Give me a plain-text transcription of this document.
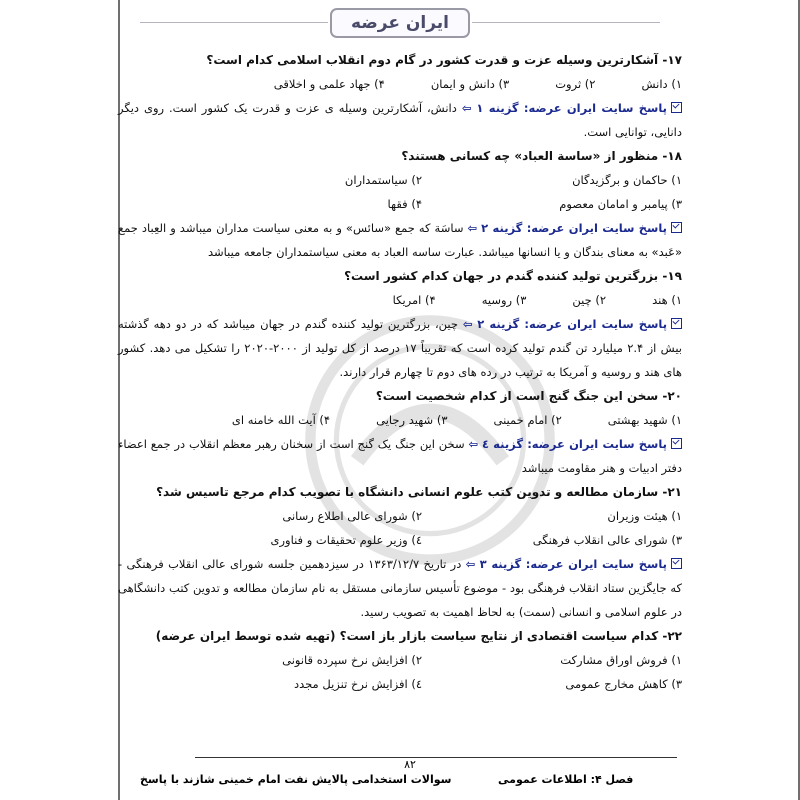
ایران عرضه

۱۷- آشکارترین وسیله عزت و قدرت کشور در گام دوم انقلاب اسلامی کدام است؟

۱) دانش
۲) ثروت
۳) دانش و ایمان
۴) جهاد علمی و اخلاقی
پاسخ سایت ایران عرضه: گزینه ۱ ⇦ دانش، آشکارترین وسیله ی عزت و قدرت یک کشور است. روی دیگر دانایی، توانایی است.

۱۸- منظور از «ساسة العباد» چه کسانی هستند؟

۱) حاکمان و برگزیدگان
۲) سیاستمداران
۳) پیامبر و امامان معصوم
۴) فقها
پاسخ سایت ایران عرضه: گزینه ۲ ⇦ ساسَة که جمع «سائس» و به معنی سیاست مداران میباشد و العِباد جمع «عَبد» به معنای بندگان و یا انسانها میباشد. عبارت ساسه العباد به معنی سیاستمداران جامعه میباشد

۱۹- بزرگترین تولید کننده گندم در جهان کدام کشور است؟

۱) هند
۲) چین
۳) روسیه
۴) امریکا
پاسخ سایت ایران عرضه: گزینه ۲ ⇦ چین، بزرگترین تولید کننده گندم در جهان میباشد که در دو دهه گذشته بیش از ۲.۴ میلیارد تن گندم تولید کرده است که تقریباً ۱۷ درصد از کل تولید از ۲۰۰۰-۲۰۲۰ را تشکیل می دهد. کشور های هند و روسیه و آمریکا به ترتیب در رده های دوم تا چهارم قرار دارند.

۲۰- سخن این جنگ گنج است از کدام شخصیت است؟

۱) شهید بهشتی
۲) امام خمینی
۳) شهید رجایی
۴) آیت الله خامنه ای
پاسخ سایت ایران عرضه: گزینه ٤ ⇦ سخن این جنگ یک گنج است از سخنان رهبر معظم انقلاب در جمع اعضاء دفتر ادبیات و هنر مقاومت میباشد

۲۱- سازمان مطالعه و تدوین کتب علوم انسانی دانشگاه با تصویب کدام مرجع تاسیس شد؟

۱) هیئت وزیران
۲) شورای عالی اطلاع رسانی
۳) شورای عالی انقلاب فرهنگی
٤) وزیر علوم تحقیقات و فناوری
پاسخ سایت ایران عرضه: گزینه ۳ ⇦ در تاریخ ۱۳۶۳/۱۲/۷ در سیزدهمین جلسه شورای عالی انقلاب فرهنگی - که جایگزین ستاد انقلاب فرهنگی بود - موضوع تأسیس سازمانی مستقل به نام سازمان مطالعه و تدوین کتب دانشگاهی در علوم اسلامی و انسانی (سمت) به لحاظ اهمیت به تصویب رسید.

۲۲- کدام سیاست اقتصادی از نتایج سیاست بازار باز است؟ (تهیه شده توسط ایران عرضه)

۱) فروش اوراق مشارکت
۲) افزایش نرخ سپرده قانونی
۳) کاهش مخارج عمومی
٤) افزایش نرخ تنزیل مجدد
۸۲
فصل ۴: اطلاعات عمومی
سوالات استخدامی پالایش نفت امام خمینی شازند با پاسخ
